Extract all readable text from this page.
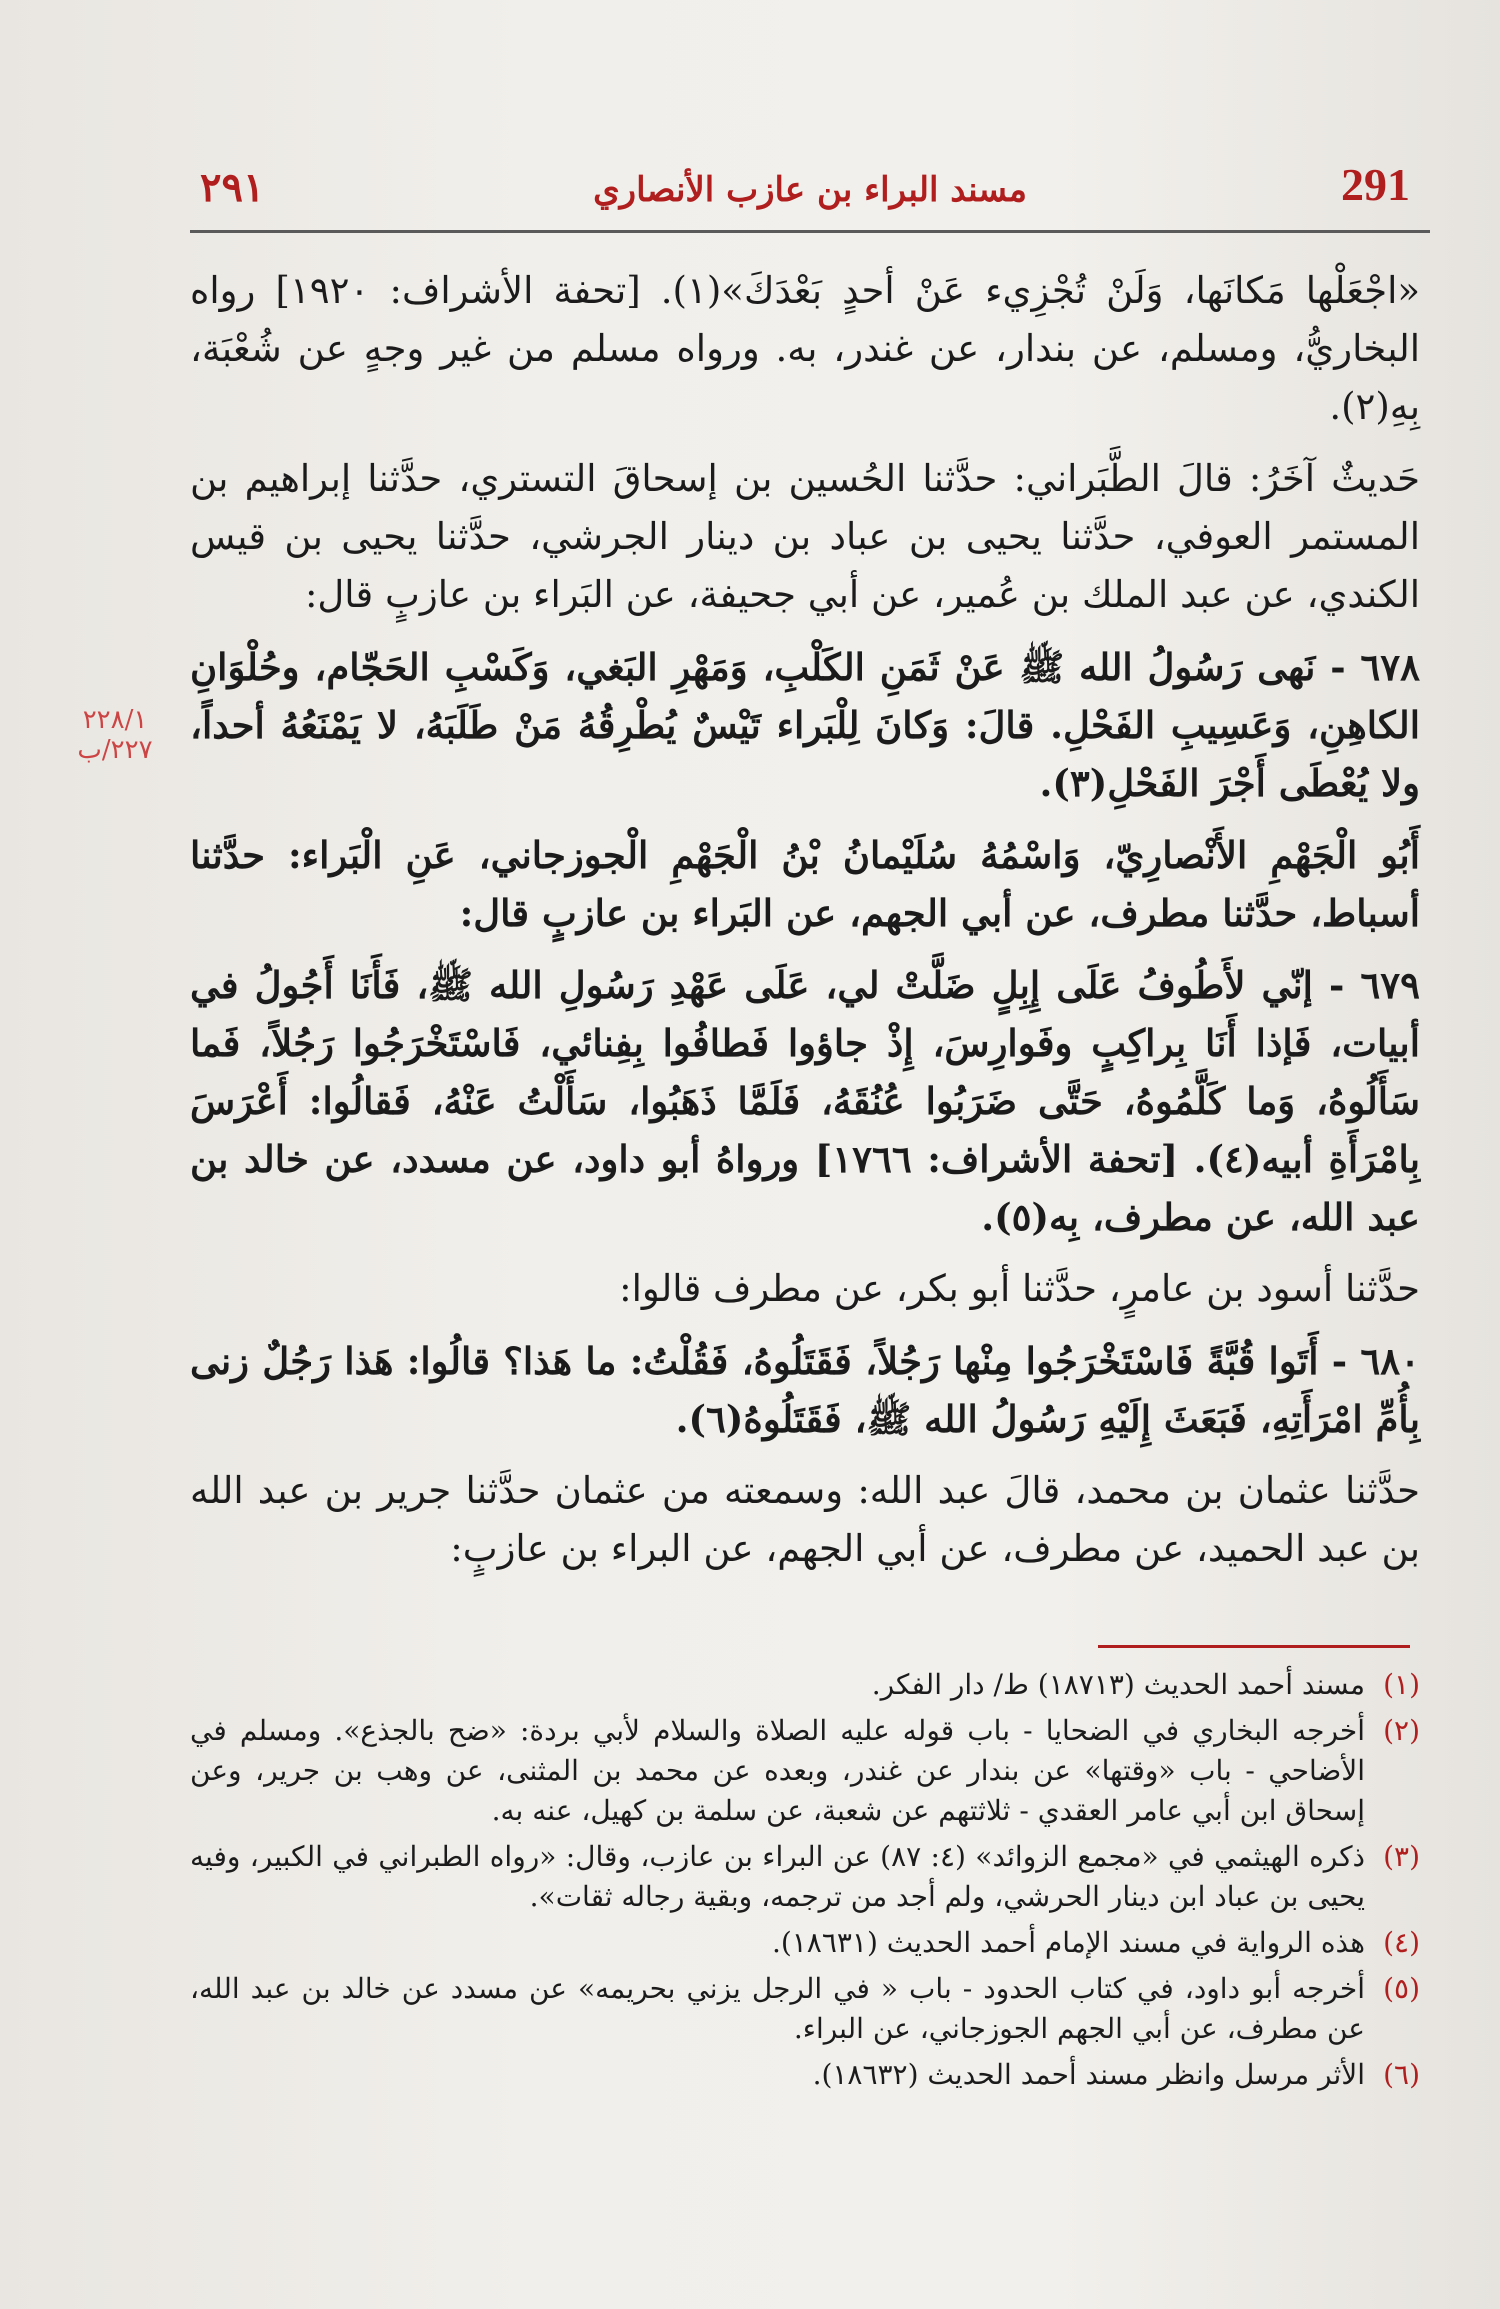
291
مسند البراء بن عازب الأنصاري
٢٩١
٢٢٨/١ ٢٢٧/ب

«اجْعَلْها مَكانَها، وَلَنْ تُجْزِيء عَنْ أحدٍ بَعْدَكَ»(١). [تحفة الأشراف: ١٩٢٠] رواه البخاريُّ، ومسلم، عن بندار، عن غندر، به. ورواه مسلم من غير وجهٍ عن شُعْبَة، بِهِ(٢).

حَديثٌ آخَرُ: قالَ الطَّبَراني: حدَّثنا الحُسين بن إسحاقَ التستري، حدَّثنا إبراهيم بن المستمر العوفي، حدَّثنا يحيى بن عباد بن دينار الجرشي، حدَّثنا يحيى بن قيس الكندي، عن عبد الملك بن عُمير، عن أبي جحيفة، عن البَراء بن عازبٍ قال:

٦٧٨ - نَهى رَسُولُ الله ﷺ عَنْ ثَمَنِ الكَلْبِ، وَمَهْرِ البَغي، وَكَسْبِ الحَجّام، وحُلْوَانِ الكاهِنِ، وَعَسِيبِ الفَحْلِ. قالَ: وَكانَ لِلْبَراء تَيْسٌ يُطْرِقُهُ مَنْ طَلَبَهُ، لا يَمْنَعُهُ أحداً، ولا يُعْطَى أَجْرَ الفَحْلِ(٣).

أَبُو الْجَهْمِ الأَنْصارِيّ، وَاسْمُهُ سُلَيْمانُ بْنُ الْجَهْمِ الْجوزجاني، عَنِ الْبَراء: حدَّثنا أسباط، حدَّثنا مطرف، عن أبي الجهم، عن البَراء بن عازبٍ قال:

٦٧٩ - إنّي لأَطُوفُ عَلَى إِبِلٍ ضَلَّتْ لي، عَلَى عَهْدِ رَسُولِ الله ﷺ، فَأَنَا أَجُولُ في أبيات، فَإذا أَنَا بِراكِبٍ وفَوارِسَ، إِذْ جاؤوا فَطافُوا بِفِنائي، فَاسْتَخْرَجُوا رَجُلاً، فَما سَأَلُوهُ، وَما كَلَّمُوهُ، حَتَّى ضَرَبُوا عُنُقَهُ، فَلَمَّا ذَهَبُوا، سَأَلْتُ عَنْهُ، فَقالُوا: أَعْرَسَ بِامْرَأَةِ أبيه(٤). [تحفة الأشراف: ١٧٦٦] ورواهُ أبو داود، عن مسدد، عن خالد بن عبد الله، عن مطرف، بِه(٥).

حدَّثنا أسود بن عامرٍ، حدَّثنا أبو بكر، عن مطرف قالوا:

٦٨٠ - أَتَوا قُبَّةً فَاسْتَخْرَجُوا مِنْها رَجُلاً، فَقَتَلُوهُ، فَقُلْتُ: ما هَذا؟ قالُوا: هَذا رَجُلٌ زنى بِأُمِّ امْرَأَتِهِ، فَبَعَثَ إِلَيْهِ رَسُولُ الله ﷺ، فَقَتَلُوهُ(٦).

حدَّثنا عثمان بن محمد، قالَ عبد الله: وسمعته من عثمان حدَّثنا جرير بن عبد الله بن عبد الحميد، عن مطرف، عن أبي الجهم، عن البراء بن عازبٍ:

(١)
مسند أحمد الحديث (١٨٧١٣) ط/ دار الفكر.
(٢)
أخرجه البخاري في الضحايا - باب قوله عليه الصلاة والسلام لأبي بردة: «ضح بالجذع». ومسلم في الأضاحي - باب «وقتها» عن بندار عن غندر، وبعده عن محمد بن المثنى، عن وهب بن جرير، وعن إسحاق ابن أبي عامر العقدي - ثلاثتهم عن شعبة، عن سلمة بن كهيل، عنه به.
(٣)
ذكره الهيثمي في «مجمع الزوائد» (٤: ٨٧) عن البراء بن عازب، وقال: «رواه الطبراني في الكبير، وفيه يحيى بن عباد ابن دينار الحرشي، ولم أجد من ترجمه، وبقية رجاله ثقات».
(٤)
هذه الرواية في مسند الإمام أحمد الحديث (١٨٦٣١).
(٥)
أخرجه أبو داود، في كتاب الحدود - باب « في الرجل يزني بحريمه» عن مسدد عن خالد بن عبد الله، عن مطرف، عن أبي الجهم الجوزجاني، عن البراء.
(٦)
الأثر مرسل وانظر مسند أحمد الحديث (١٨٦٣٢).
